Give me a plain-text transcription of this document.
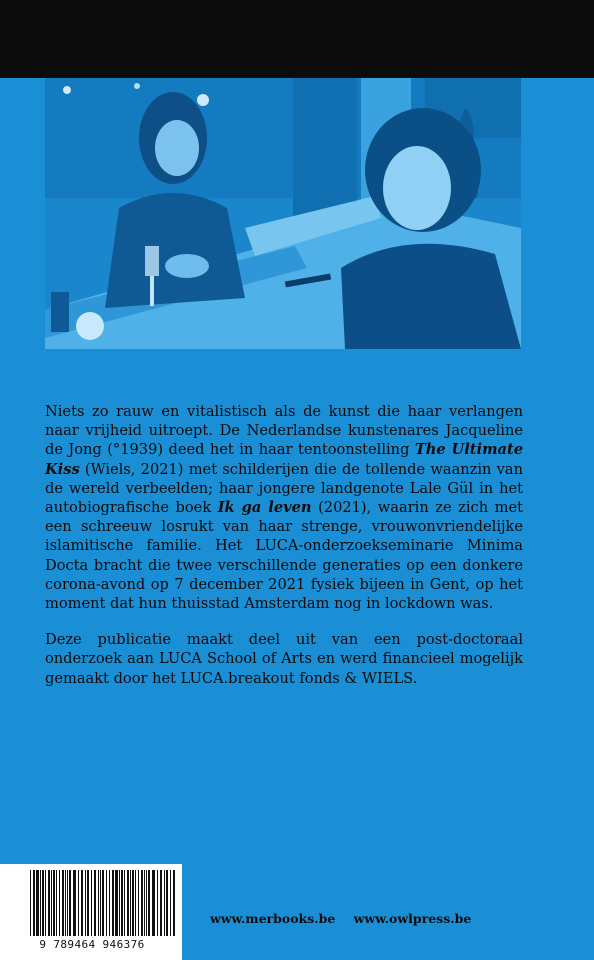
Niets zo rauw en vitalistisch als de kunst die haar verlangen naar vrijheid uitroept. De Nederlandse kunstenares Jacqueline de Jong (°1939) deed het in haar tentoonstelling The Ultimate Kiss (Wiels, 2021) met schilderijen die de tollende waanzin van de wereld verbeelden; haar jongere landgenote Lale Gül in het autobiografische boek Ik ga leven (2021), waarin ze zich met een schreeuw losrukt van haar strenge, vrouwonvriendelijke islamitische familie. Het LUCA-onderzoekseminarie Minima Docta bracht die twee verschillende generaties op een donkere corona-avond op 7 december 2021 fysiek bijeen in Gent, op het moment dat hun thuisstad Amsterdam nog in lockdown was.

Deze publicatie maakt deel uit van een post-doctoraal onderzoek aan LUCA School of Arts en werd financieel mogelijk gemaakt door het LUCA.breakout fonds & WIELS.

9 789464 946376
www.merbooks.be www.owlpress.be
